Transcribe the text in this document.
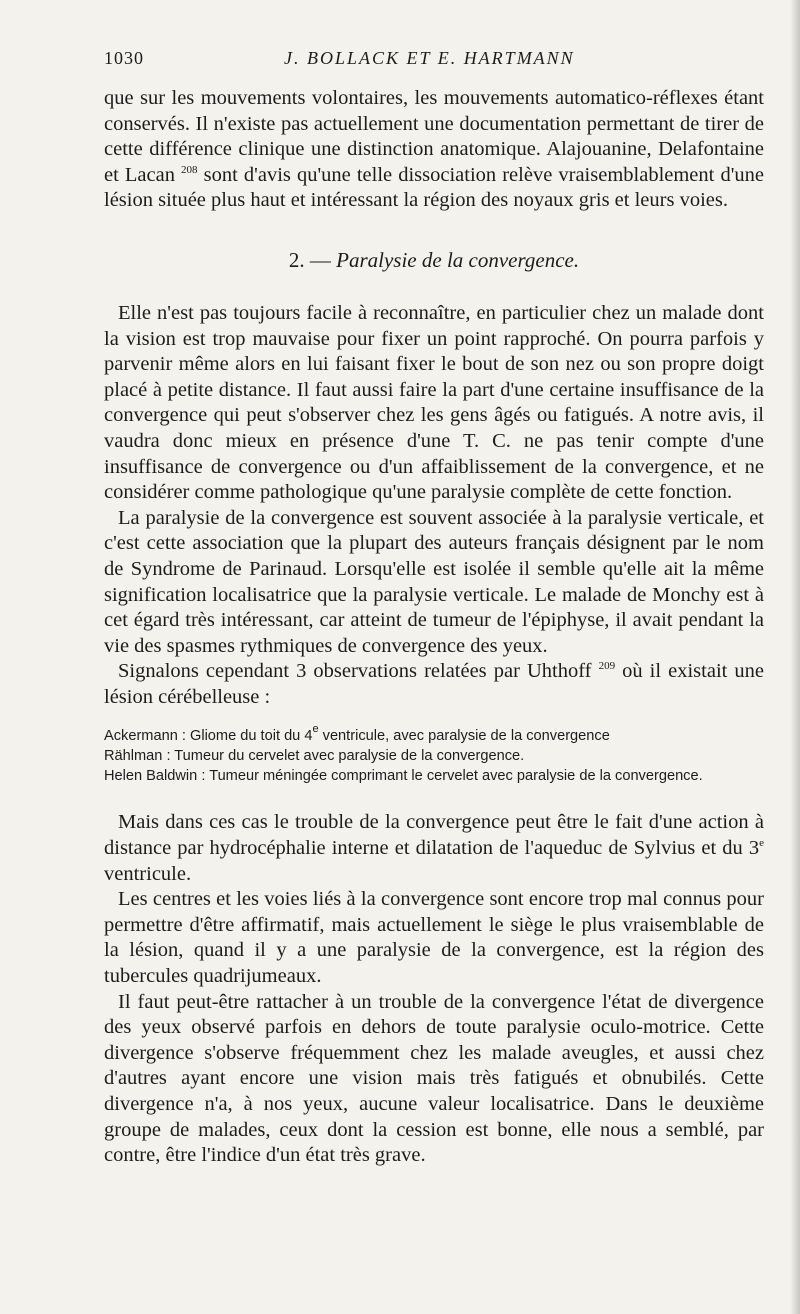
1030	J. BOLLACK ET E. HARTMANN

que sur les mouvements volontaires, les mouvements automatico-réflexes étant conservés. Il n'existe pas actuellement une documentation permettant de tirer de cette différence clinique une distinction anatomique. Alajouanine, Delafontaine et Lacan $^{208}$ sont d'avis qu'une telle dissociation relève vraisemblablement d'une lésion située plus haut et intéressant la région des noyaux gris et leurs voies.

2. — Paralysie de la convergence.

Elle n'est pas toujours facile à reconnaître, en particulier chez un malade dont la vision est trop mauvaise pour fixer un point rapproché. On pourra parfois y parvenir même alors en lui faisant fixer le bout de son nez ou son propre doigt placé à petite distance. Il faut aussi faire la part d'une certaine insuffisance de la convergence qui peut s'observer chez les gens âgés ou fatigués. A notre avis, il vaudra donc mieux en présence d'une T. C. ne pas tenir compte d'une insuffisance de convergence ou d'un affaiblissement de la convergence, et ne considérer comme pathologique qu'une paralysie complète de cette fonction.

La paralysie de la convergence est souvent associée à la paralysie verticale, et c'est cette association que la plupart des auteurs français désignent par le nom de Syndrome de Parinaud. Lorsqu'elle est isolée il semble qu'elle ait la même signification localisatrice que la paralysie verticale. Le malade de Monchy est à cet égard très intéressant, car atteint de tumeur de l'épiphyse, il avait pendant la vie des spasmes rythmiques de convergence des yeux.

Signalons cependant 3 observations relatées par Uhthoff $^{209}$ où il existait une lésion cérébelleuse :

Ackermann : Gliome du toit du 4e ventricule, avec paralysie de la convergence

Rählman : Tumeur du cervelet avec paralysie de la convergence.

Helen Baldwin : Tumeur méningée comprimant le cervelet avec paralysie de la convergence.

Mais dans ces cas le trouble de la convergence peut être le fait d'une action à distance par hydrocéphalie interne et dilatation de l'aqueduc de Sylvius et du 3e ventricule.

Les centres et les voies liés à la convergence sont encore trop mal connus pour permettre d'être affirmatif, mais actuellement le siège le plus vraisemblable de la lésion, quand il y a une paralysie de la convergence, est la région des tubercules quadrijumeaux.

Il faut peut-être rattacher à un trouble de la convergence l'état de divergence des yeux observé parfois en dehors de toute paralysie oculo-motrice. Cette divergence s'observe fréquemment chez les malade aveugles, et aussi chez d'autres ayant encore une vision mais très fatigués et obnubilés. Cette divergence n'a, à nos yeux, aucune valeur localisatrice. Dans le deuxième groupe de malades, ceux dont la cession est bonne, elle nous a semblé, par contre, être l'indice d'un état très grave.
